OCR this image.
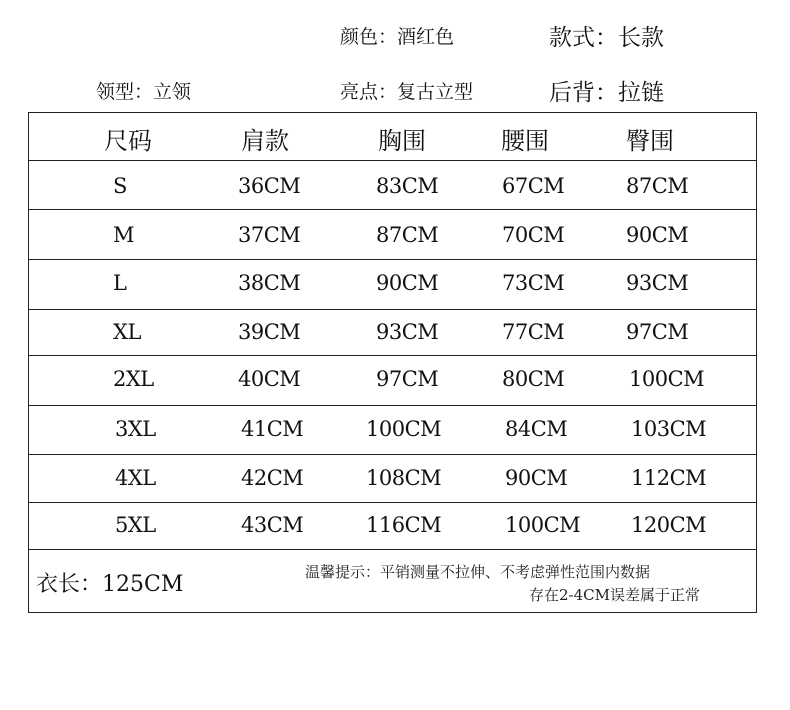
颜色：酒红色	款式：长款
领型：立领	亮点：复古立型	后背：拉链
尺码	肩款	胸围	腰围	臀围
S	36CM	83CM	67CM	87CM
M	37CM	87CM	70CM	90CM
L	38CM	90CM	73CM	93CM
XL	39CM	93CM	77CM	97CM
2XL	40CM	97CM	80CM	100CM
3XL	41CM	100CM	84CM	103CM
4XL	42CM	108CM	90CM	112CM
5XL	43CM	116CM	100CM 120CM
衣长：125CM	温馨提示：平销测量不拉伸、不考虑弹性范围内数据
存在2-4CM误差属于正常
